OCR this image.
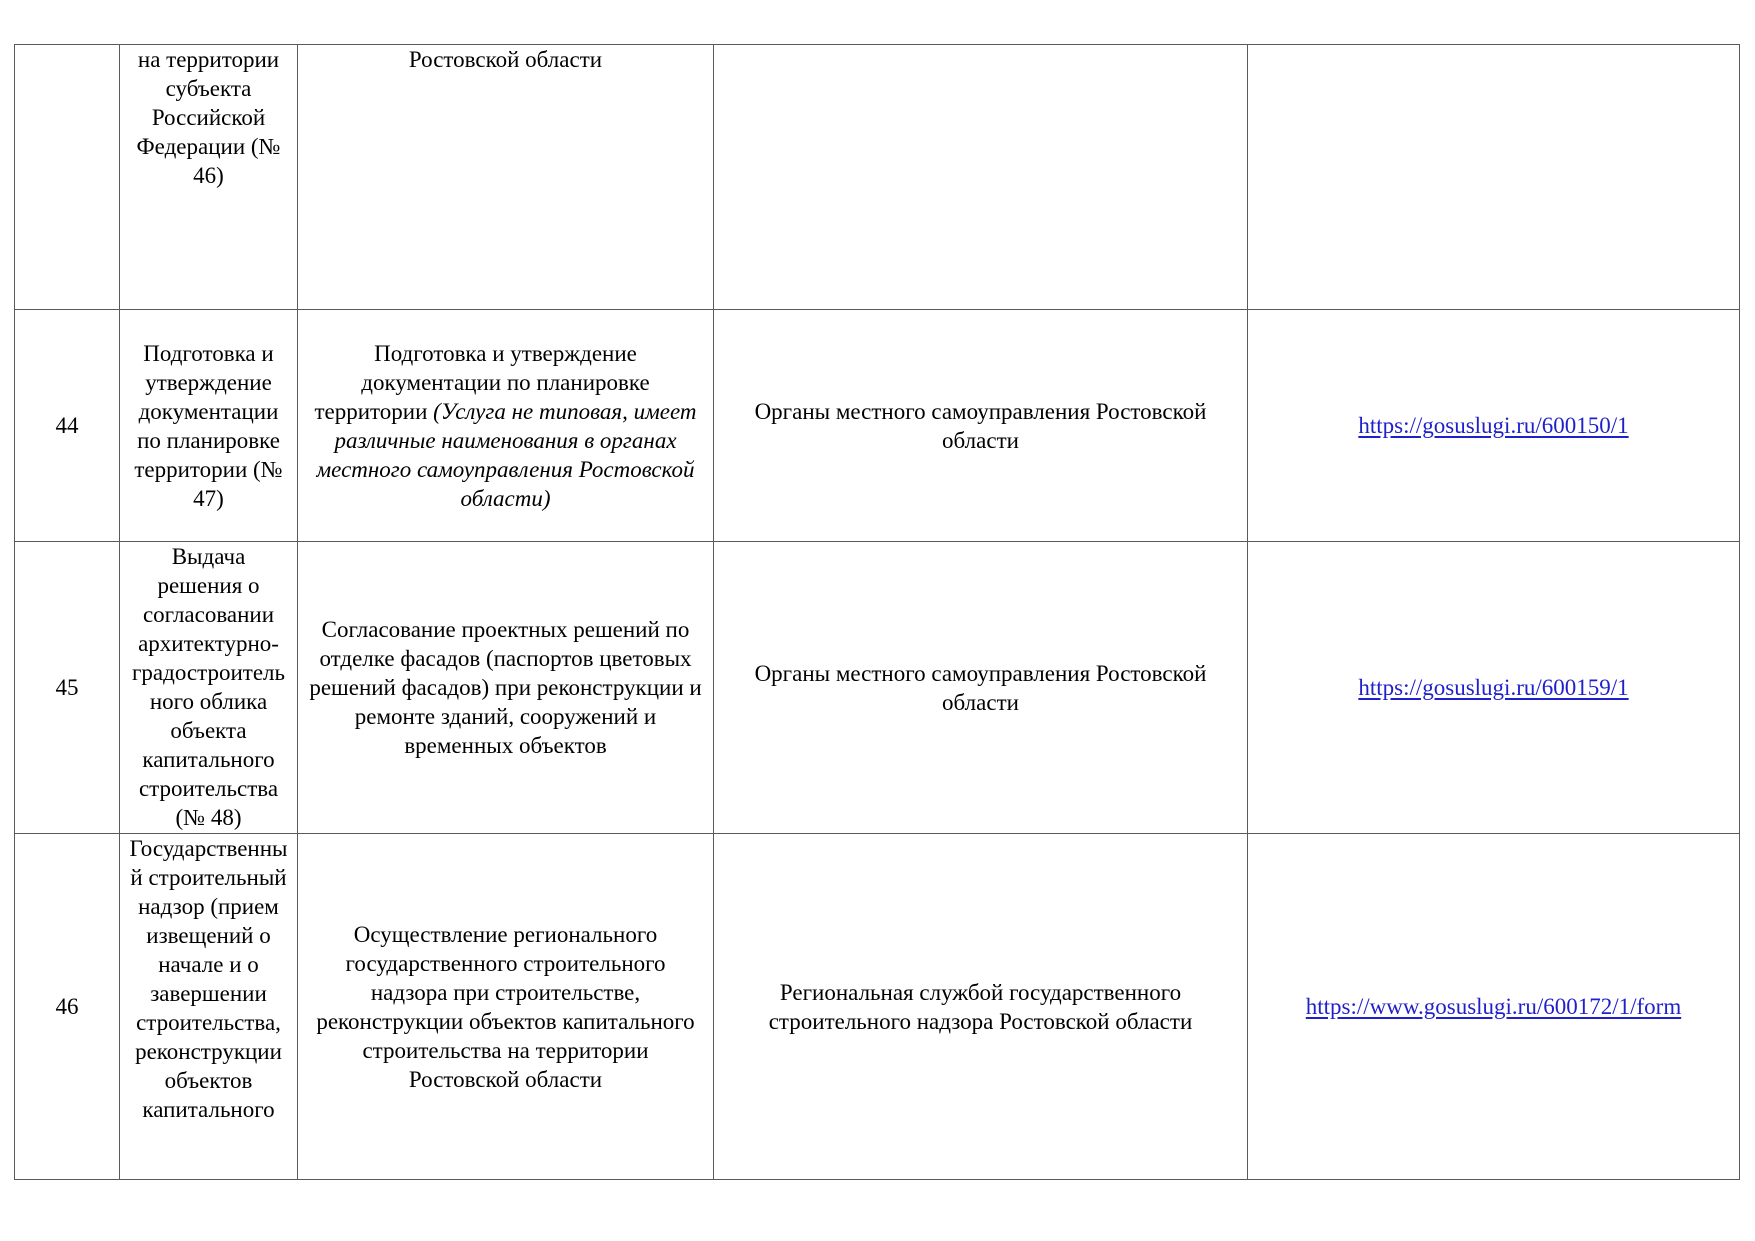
	на территории субъекта Российской Федерации (№ 46)	Ростовской области		
44	Подготовка и утверждение документации по планировке территории (№ 47)	Подготовка и утверждение документации по планировке территории (Услуга не типовая, имеет различные наименования в органах местного самоуправления Ростовской области)	Органы местного самоуправления Ростовской области	https://gosuslugi.ru/600150/1
45	Выдача решения о согласовании архитектурно-градостроительного облика объекта капитального строительства (№ 48)	Согласование проектных решений по отделке фасадов (паспортов цветовых решений фасадов) при реконструкции и ремонте зданий, сооружений и временных объектов	Органы местного самоуправления Ростовской области	https://gosuslugi.ru/600159/1
46	Государственный строительный надзор (прием извещений о начале и о завершении строительства, реконструкции объектов капитального	Осуществление регионального государственного строительного надзора при строительстве, реконструкции объектов капитального строительства на территории Ростовской области	Региональная службой государственного строительного надзора Ростовской области	https://www.gosuslugi.ru/600172/1/form
